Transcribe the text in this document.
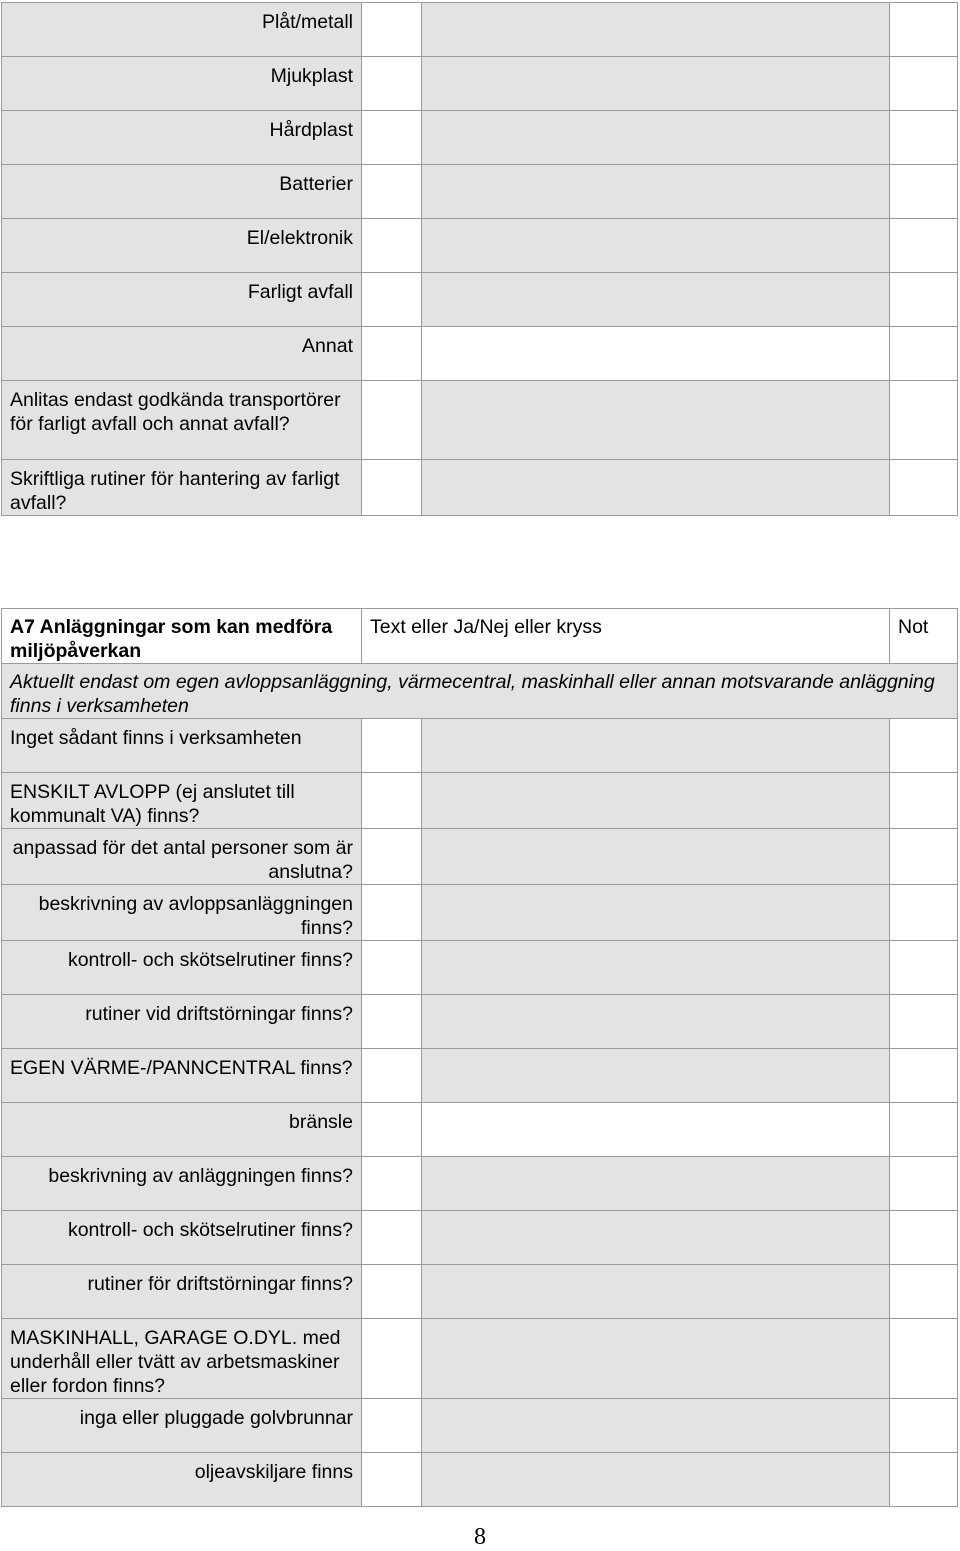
Plåt/metall			
Mjukplast			
Hårdplast			
Batterier			
El/elektronik			
Farligt avfall			
Annat			
Anlitas endast godkända transportörer för farligt avfall och annat avfall?			
Skriftliga rutiner för hantering av farligt avfall?			
A7 Anläggningar som kan medföra miljöpåverkan	Text eller Ja/Nej eller kryss		Not
Aktuellt endast om egen avloppsanläggning, värmecentral, maskinhall eller annan motsvarande anläggning finns i verksamheten			
Inget sådant finns i verksamheten			
ENSKILT AVLOPP (ej anslutet till kommunalt VA) finns?			
anpassad för det antal personer som är anslutna?			
beskrivning av avloppsanläggningen finns?			
kontroll- och skötselrutiner finns?			
rutiner vid driftstörningar finns?			
EGEN VÄRME-/PANNCENTRAL finns?			
bränsle			
beskrivning av anläggningen finns?			
kontroll- och skötselrutiner finns?			
rutiner för driftstörningar finns?			
MASKINHALL, GARAGE O.DYL. med underhåll eller tvätt av arbetsmaskiner eller fordon finns?			
inga eller pluggade golvbrunnar			
oljeavskiljare finns			
8
